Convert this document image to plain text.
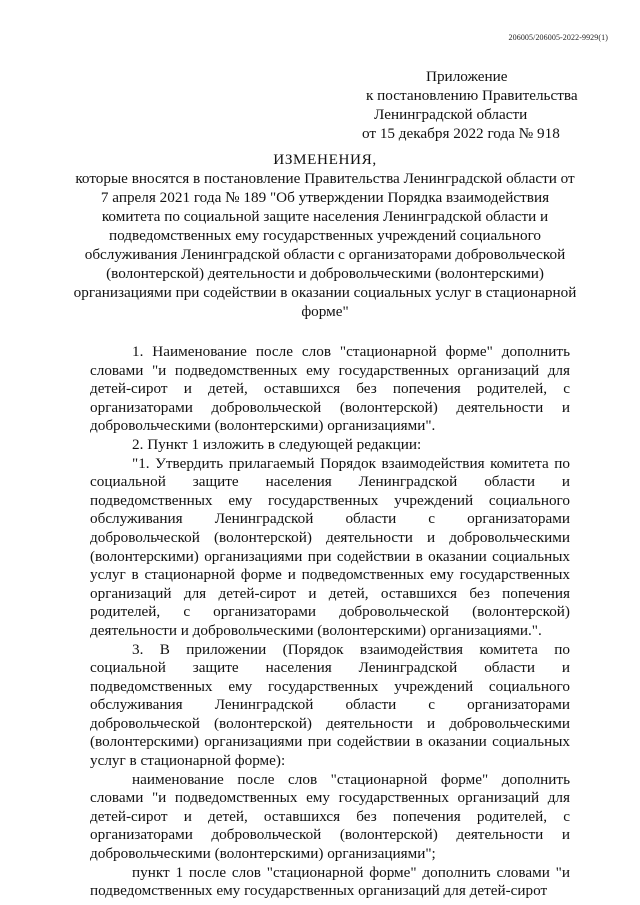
206005/206005-2022-9929(1)
Приложение
к постановлению Правительства
Ленинградской области
от 15 декабря 2022 года № 918
ИЗМЕНЕНИЯ,
которые вносятся в постановление Правительства Ленинградской области от 7 апреля 2021 года № 189 "Об утверждении Порядка взаимодействия комитета по социальной защите населения Ленинградской области и подведомственных ему государственных учреждений социального обслуживания Ленинградской области с организаторами добровольческой (волонтерской) деятельности и добровольческими (волонтерскими) организациями при содействии в оказании социальных услуг в стационарной форме"

1. Наименование после слов "стационарной форме" дополнить словами "и подведомственных ему государственных организаций для детей-сирот и детей, оставшихся без попечения родителей, с организаторами добровольческой (волонтерской) деятельности и добровольческими (волонтерскими) организациями".

2. Пункт 1 изложить в следующей редакции:

"1. Утвердить прилагаемый Порядок взаимодействия комитета по социальной защите населения Ленинградской области и подведомственных ему государственных учреждений социального обслуживания Ленинградской области с организаторами добровольческой (волонтерской) деятельности и добровольческими (волонтерскими) организациями при содействии в оказании социальных услуг в стационарной форме и подведомственных ему государственных организаций для детей-сирот и детей, оставшихся без попечения родителей, с организаторами добровольческой (волонтерской) деятельности и добровольческими (волонтерскими) организациями.".

3. В приложении (Порядок взаимодействия комитета по социальной защите населения Ленинградской области и подведомственных ему государственных учреждений социального обслуживания Ленинградской области с организаторами добровольческой (волонтерской) деятельности и добровольческими (волонтерскими) организациями при содействии в оказании социальных услуг в стационарной форме):

наименование после слов "стационарной форме" дополнить словами "и подведомственных ему государственных организаций для детей-сирот и детей, оставшихся без попечения родителей, с организаторами добровольческой (волонтерской) деятельности и добровольческими (волонтерскими) организациями";

пункт 1 после слов "стационарной форме" дополнить словами "и подведомственных ему государственных организаций для детей-сирот
